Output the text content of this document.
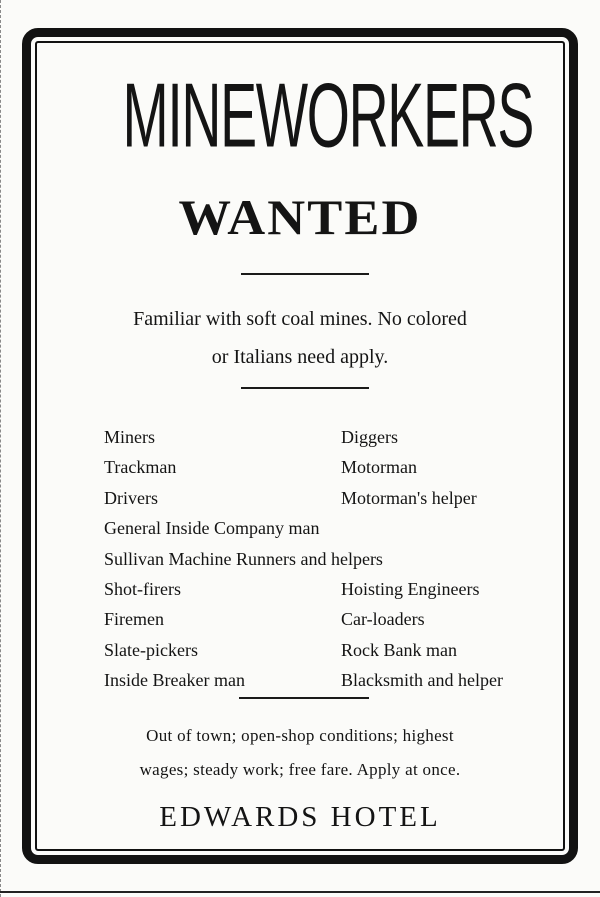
MINEWORKERS
WANTED
Familiar with soft coal mines. No colored
or Italians need apply.
Miners	Diggers
Trackman	Motorman
Drivers	Motorman's helper
General Inside Company man
Sullivan Machine Runners and helpers
Shot-firers	Hoisting Engineers
Firemen	Car-loaders
Slate-pickers	Rock Bank man
Inside Breaker man	Blacksmith and helper
Out of town; open-shop conditions; highest
wages; steady work; free fare. Apply at once.
EDWARDS HOTEL
